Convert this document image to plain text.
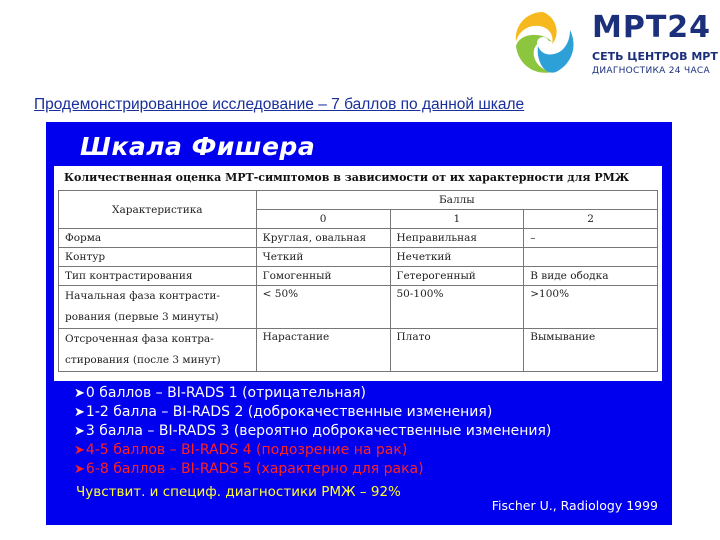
МРТ24
СЕТЬ ЦЕНТРОВ МРТ
ДИАГНОСТИКА 24 ЧАСА
Продемонстрированное исследование – 7 баллов по данной шкале
Шкала Фишера
Количественная оценка МРТ-симптомов в зависимости от их характерности для РМЖ
Характеристика	Баллы		
	0	1	2
Форма	Круглая, овальная	Неправильная	–
Контур	Четкий	Нечеткий	
Тип контрастирования	Гомогенный	Гетерогенный	В виде ободка
Начальная фаза контрасти- рования (первые 3 минуты)	< 50%	50-100%	>100%
Отсроченная фаза контра- стирования (после 3 минут)	Нарастание	Плато	Вымывание
➤0 баллов – BI-RADS 1 (отрицательная)
➤1-2 балла – BI-RADS 2 (доброкачественные изменения)
➤3 балла – BI-RADS 3 (вероятно доброкачественные изменения)
➤4-5 баллов – BI-RADS 4 (подозрение на рак)
➤6-8 баллов – BI-RADS 5 (характерно для рака)
Чувствит. и специф. диагностики РМЖ – 92%
Fischer U., Radiology 1999
